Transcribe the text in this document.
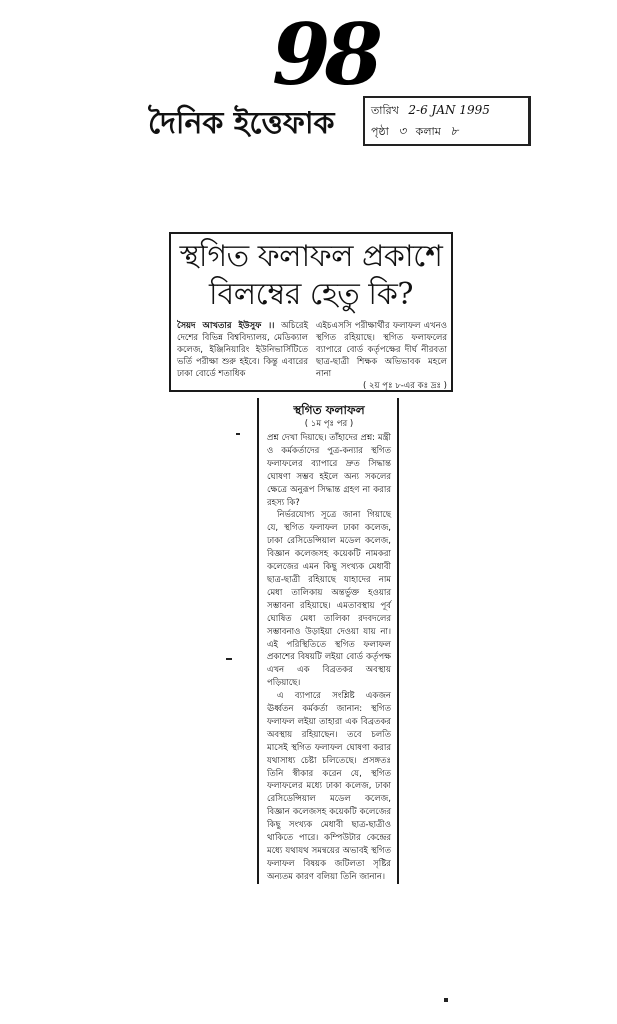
98
দৈনিক ইত্তেফাক	তারিখ 2-6 JAN 1995
পৃষ্ঠা ৩ কলাম ৮
স্থগিত ফলাফল প্রকাশে
বিলম্বের হেতু কি?
সৈয়দ আখতার ইউসুফ ।। অচিরেই দেশের বিভিন্ন বিশ্ববিদ্যালয়, মেডিক্যাল কলেজ, ইঞ্জিনিয়ারিং ইউনিভার্সিটিতে ভর্তি পরীক্ষা শুরু হইবে। কিন্তু এবারের ঢাকা বোর্ডে শতাধিক
এইচএসসি পরীক্ষার্থীর ফলাফল এখনও স্থগিত রহিয়াছে। স্থগিত ফলাফলের ব্যাপারে বোর্ড কর্তৃপক্ষের দীর্ঘ নীরবতা ছাত্র-ছাত্রী শিক্ষক অভিভাবক মহলে নানা
( ২য় পৃঃ ৮-এর কঃ দ্রঃ )
স্থগিত ফলাফল
( ১ম পৃঃ পর )

প্রশ্ন দেখা দিয়াছে। তাঁহাদের প্রশ্ন: মন্ত্রী ও কর্মকর্তাদের পুত্র-কন্যার স্থগিত ফলাফলের ব্যাপারে দ্রুত সিদ্ধান্ত ঘোষণা সম্ভব হইলে অন্য সকলের ক্ষেত্রে অনুরূপ সিদ্ধান্ত গ্রহণ না করার রহস্য কি?

নির্ভরযোগ্য সূত্রে জানা গিয়াছে যে, স্থগিত ফলাফল ঢাকা কলেজ, ঢাকা রেসিডেন্সিয়াল মডেল কলেজ, বিজ্ঞান কলেজসহ কয়েকটি নামকরা কলেজের এমন কিছু সংখ্যক মেধাবী ছাত্র-ছাত্রী রহিয়াছে যাহাদের নাম মেধা তালিকায় অন্তর্ভুক্ত হওয়ার সম্ভাবনা রহিয়াছে। এমতাবস্থায় পূর্ব ঘোষিত মেধা তালিকা রদবদলের সম্ভাবনাও উড়াইয়া দেওয়া যায় না। এই পরিস্থিতিতে স্থগিত ফলাফল প্রকাশের বিষয়টি লইয়া বোর্ড কর্তৃপক্ষ এখন এক বিব্রতকর অবস্থায় পড়িয়াছে।

এ ব্যাপারে সংশ্লিষ্ট একজন ঊর্ধ্বতন কর্মকর্তা জানান: স্থগিত ফলাফল লইয়া তাহারা এক বিব্রতকর অবস্থায় রহিয়াছেন। তবে চলতি মাসেই স্থগিত ফলাফল ঘোষণা করার যথাসাধ্য চেষ্টা চলিতেছে। প্রসঙ্গতঃ তিনি স্বীকার করেন যে, স্থগিত ফলাফলের মধ্যে ঢাকা কলেজ, ঢাকা রেসিডেন্সিয়াল মডেল কলেজ, বিজ্ঞান কলেজসহ কয়েকটি কলেজের কিছু সংখ্যক মেধাবী ছাত্র-ছাত্রীও থাকিতে পারে। কম্পিউটার কেন্দ্রের মধ্যে যথাযথ সমন্বয়ের অভাবই স্থগিত ফলাফল বিষয়ক জটিলতা সৃষ্টির অন্যতম কারণ বলিয়া তিনি জানান।
